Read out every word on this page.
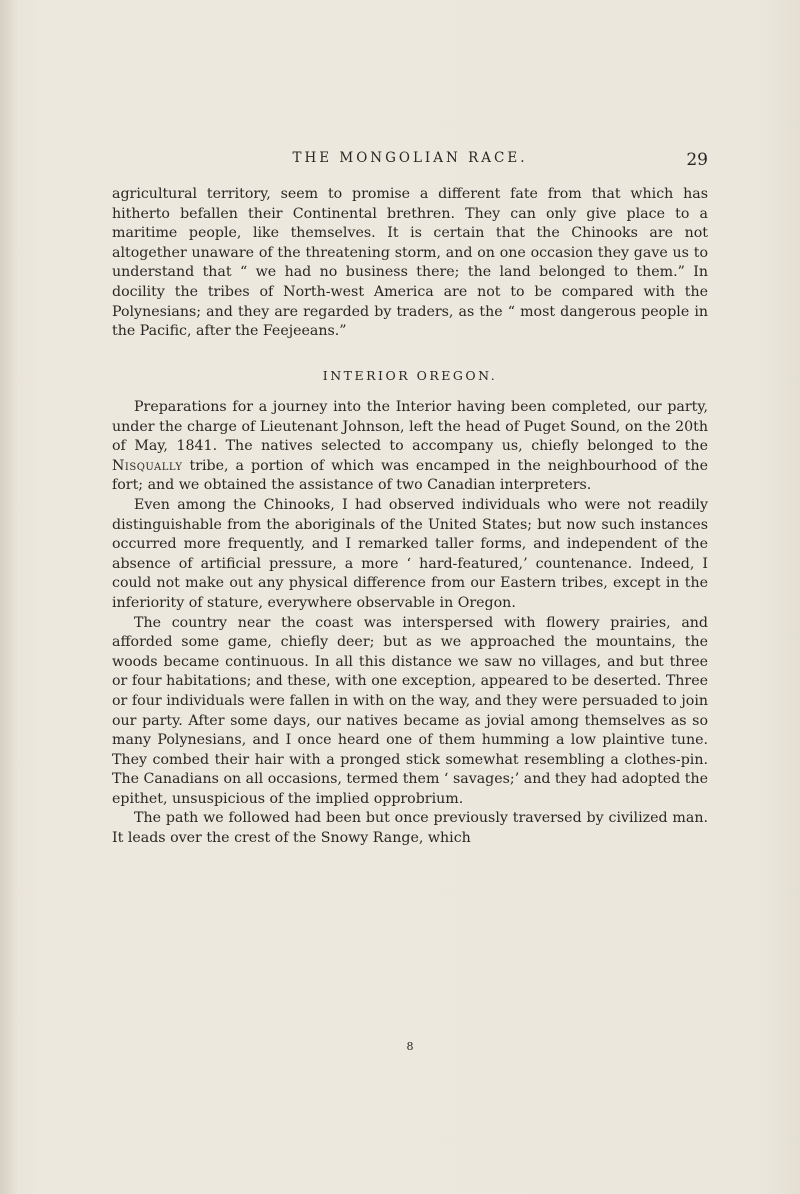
THE MONGOLIAN RACE.	29

agricultural territory, seem to promise a different fate from that which has hitherto befallen their Continental brethren. They can only give place to a maritime people, like themselves. It is certain that the Chinooks are not altogether unaware of the threatening storm, and on one occasion they gave us to understand that “ we had no business there; the land belonged to them.” In docility the tribes of North-west America are not to be compared with the Polynesians; and they are regarded by traders, as the “ most dangerous people in the Pacific, after the Feejeeans.”

INTERIOR OREGON.

Preparations for a journey into the Interior having been completed, our party, under the charge of Lieutenant Johnson, left the head of Puget Sound, on the 20th of May, 1841. The natives selected to accompany us, chiefly belonged to the Nisqually tribe, a portion of which was encamped in the neighbourhood of the fort; and we obtained the assistance of two Canadian interpreters.

Even among the Chinooks, I had observed individuals who were not readily distinguishable from the aboriginals of the United States; but now such instances occurred more frequently, and I remarked taller forms, and independent of the absence of artificial pressure, a more ‘ hard-featured,’ countenance. Indeed, I could not make out any physical difference from our Eastern tribes, except in the inferiority of stature, everywhere observable in Oregon.

The country near the coast was interspersed with flowery prairies, and afforded some game, chiefly deer; but as we approached the mountains, the woods became continuous. In all this distance we saw no villages, and but three or four habitations; and these, with one exception, appeared to be deserted. Three or four individuals were fallen in with on the way, and they were persuaded to join our party. After some days, our natives became as jovial among themselves as so many Polynesians, and I once heard one of them humming a low plaintive tune. They combed their hair with a pronged stick somewhat resembling a clothes-pin. The Canadians on all occasions, termed them ‘ savages;’ and they had adopted the epithet, unsuspicious of the implied opprobrium.

The path we followed had been but once previously traversed by civilized man. It leads over the crest of the Snowy Range, which

8
